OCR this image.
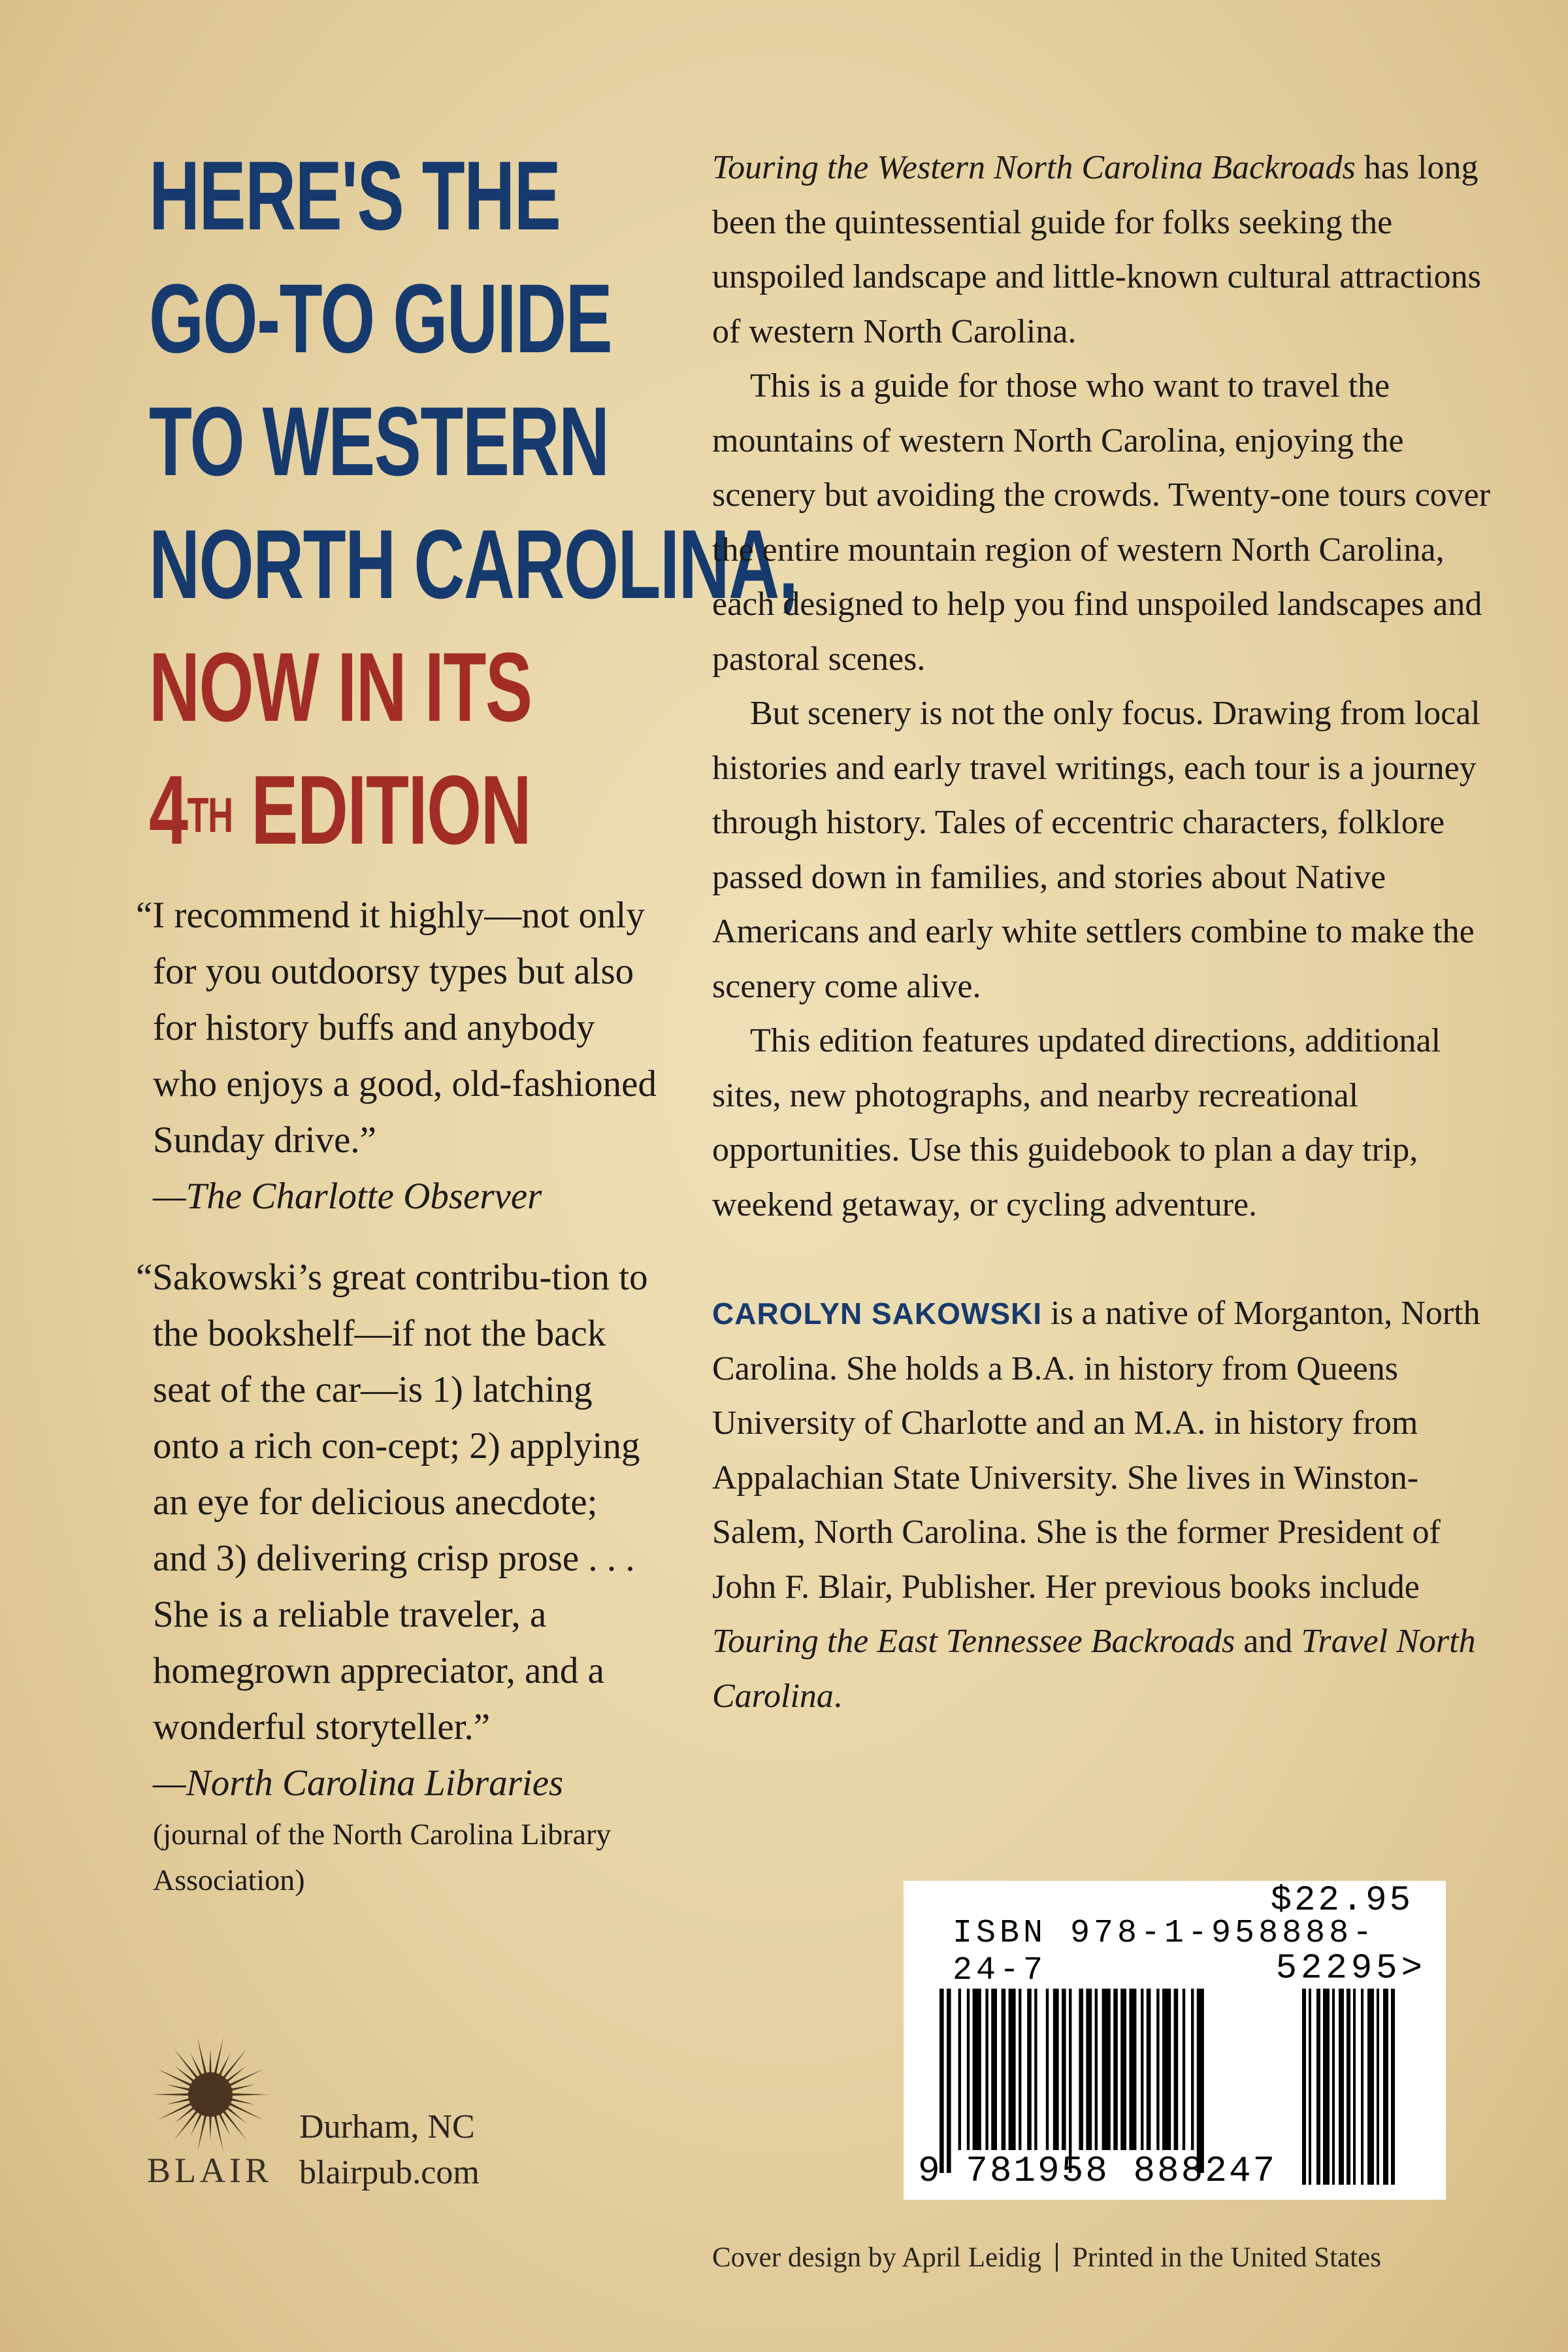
HERE'S THE
GO-TO GUIDE
TO WESTERN
NORTH CAROLINA,
NOW IN ITS
4TH EDITION

“I recommend it highly—not only for you outdoorsy types but also for history buffs and anybody who enjoys a good, old-fashioned Sunday drive.”

—The Charlotte Observer

“Sakowski’s great contribu-tion to the bookshelf—if not the back seat of the car—is 1) latching onto a rich con-cept; 2) applying an eye for delicious anecdote; and 3) delivering crisp prose . . . She is a reliable traveler, a homegrown appreciator, and a wonderful storyteller.”

—North Carolina Libraries
(journal of the North Carolina Library Association)

Touring the Western North Carolina Backroads has long been the quintessential guide for folks seeking the unspoiled landscape and little-known cultural attractions of western North Carolina.

This is a guide for those who want to travel the mountains of western North Carolina, enjoying the scenery but avoiding the crowds. Twenty-one tours cover the entire mountain region of western North Carolina, each designed to help you find unspoiled landscapes and pastoral scenes.

But scenery is not the only focus. Drawing from local histories and early travel writings, each tour is a journey through history. Tales of eccentric characters, folklore passed down in families, and stories about Native Americans and early white settlers combine to make the scenery come alive.

This edition features updated directions, additional sites, new photographs, and nearby recreational opportunities. Use this guidebook to plan a day trip, weekend getaway, or cycling adventure.

CAROLYN SAKOWSKI is a native of Morganton, North Carolina. She holds a B.A. in history from Queens University of Charlotte and an M.A. in history from Appalachian State University. She lives in Winston-Salem, North Carolina. She is the former President of John F. Blair, Publisher. Her previous books include Touring the East Tennessee Backroads and Travel North Carolina.

$22.95
ISBN 978-1-958888-24-7	52295>
9 781958 888247
BLAIR
Durham, NC
blairpub.com
Cover design by April Leidig Printed in the United States
